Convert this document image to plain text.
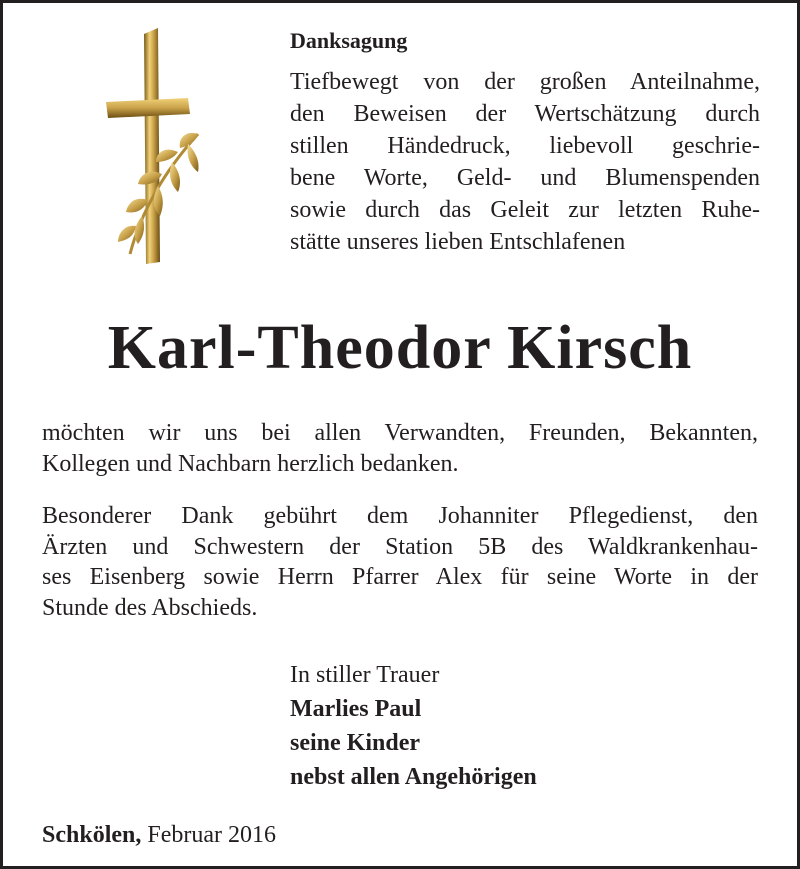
Danksagung
Tiefbewegt von der großen Anteilnahme,
den Beweisen der Wertschätzung durch
stillen Händedruck, liebevoll geschrie-
bene Worte, Geld- und Blumenspenden
sowie durch das Geleit zur letzten Ruhe-
stätte unseres lieben Entschlafenen
Karl-Theodor Kirsch
möchten wir uns bei allen Verwandten, Freunden, Bekannten,
Kollegen und Nachbarn herzlich bedanken.
Besonderer Dank gebührt dem Johanniter Pflegedienst, den
Ärzten und Schwestern der Station 5B des Waldkrankenhau-
ses Eisenberg sowie Herrn Pfarrer Alex für seine Worte in der
Stunde des Abschieds.
In stiller Trauer
Marlies Paul
seine Kinder
nebst allen Angehörigen
Schkölen, Februar 2016
